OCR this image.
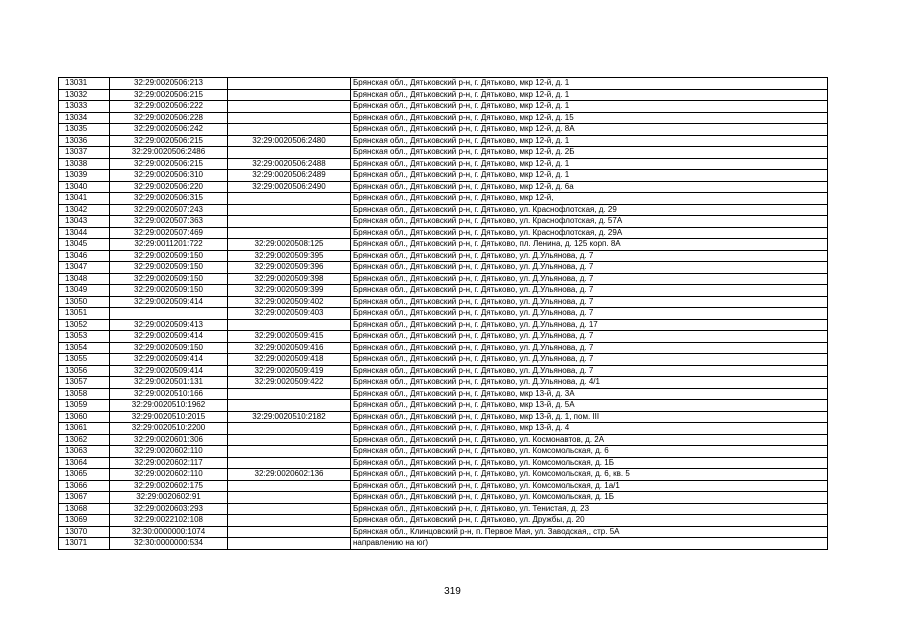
13031	32:29:0020506:213		Брянская обл., Дятьковский р-н, г. Дятьково, мкр 12-й, д. 1
13032	32:29:0020506:215		Брянская обл., Дятьковский р-н, г. Дятьково, мкр 12-й, д. 1
13033	32:29:0020506:222		Брянская обл., Дятьковский р-н, г. Дятьково, мкр 12-й, д. 1
13034	32:29:0020506:228		Брянская обл., Дятьковский р-н, г. Дятьково, мкр 12-й, д. 15
13035	32:29:0020506:242		Брянская обл., Дятьковский р-н, г. Дятьково, мкр 12-й, д. 8А
13036	32:29:0020506:215	32:29:0020506:2480	Брянская обл., Дятьковский р-н, г. Дятьково, мкр 12-й, д. 1
13037	32:29:0020506:2486		Брянская обл., Дятьковский р-н, г. Дятьково, мкр 12-й, д. 2Б
13038	32:29:0020506:215	32:29:0020506:2488	Брянская обл., Дятьковский р-н, г. Дятьково, мкр 12-й, д. 1
13039	32:29:0020506:310	32:29:0020506:2489	Брянская обл., Дятьковский р-н, г. Дятьково, мкр 12-й, д. 1
13040	32:29:0020506:220	32:29:0020506:2490	Брянская обл., Дятьковский р-н, г. Дятьково, мкр 12-й, д. 6а
13041	32:29:0020506:315		Брянская обл., Дятьковский р-н, г. Дятьково, мкр 12-й,
13042	32:29:0020507:243		Брянская обл., Дятьковский р-н, г. Дятьково, ул. Краснофлотская, д. 29
13043	32:29:0020507:363		Брянская обл., Дятьковский р-н, г. Дятьково, ул. Краснофлотская, д. 57А
13044	32:29:0020507:469		Брянская обл., Дятьковский р-н, г. Дятьково, ул. Краснофлотская, д. 29А
13045	32:29:0011201:722	32:29:0020508:125	Брянская обл., Дятьковский р-н, г. Дятьково, пл. Ленина, д. 125 корп. 8А
13046	32:29:0020509:150	32:29:0020509:395	Брянская обл., Дятьковский р-н, г. Дятьково, ул. Д.Ульянова, д. 7
13047	32:29:0020509:150	32:29:0020509:396	Брянская обл., Дятьковский р-н, г. Дятьково, ул. Д.Ульянова, д. 7
13048	32:29:0020509:150	32:29:0020509:398	Брянская обл., Дятьковский р-н, г. Дятьково, ул. Д.Ульянова, д. 7
13049	32:29:0020509:150	32:29:0020509:399	Брянская обл., Дятьковский р-н, г. Дятьково, ул. Д.Ульянова, д. 7
13050	32:29:0020509:414	32:29:0020509:402	Брянская обл., Дятьковский р-н, г. Дятьково, ул. Д.Ульянова, д. 7
13051		32:29:0020509:403	Брянская обл., Дятьковский р-н, г. Дятьково, ул. Д.Ульянова, д. 7
13052	32:29:0020509:413		Брянская обл., Дятьковский р-н, г. Дятьково, ул. Д.Ульянова, д. 17
13053	32:29:0020509:414	32:29:0020509:415	Брянская обл., Дятьковский р-н, г. Дятьково, ул. Д.Ульянова, д. 7
13054	32:29:0020509:150	32:29:0020509:416	Брянская обл., Дятьковский р-н, г. Дятьково, ул. Д.Ульянова, д. 7
13055	32:29:0020509:414	32:29:0020509:418	Брянская обл., Дятьковский р-н, г. Дятьково, ул. Д.Ульянова, д. 7
13056	32:29:0020509:414	32:29:0020509:419	Брянская обл., Дятьковский р-н, г. Дятьково, ул. Д.Ульянова, д. 7
13057	32:29:0020501:131	32:29:0020509:422	Брянская обл., Дятьковский р-н, г. Дятьково, ул. Д.Ульянова, д. 4/1
13058	32:29:0020510:166		Брянская обл., Дятьковский р-н, г. Дятьково, мкр 13-й, д. 3А
13059	32:29:0020510:1962		Брянская обл., Дятьковский р-н, г. Дятьково, мкр 13-й, д. 5А
13060	32:29:0020510:2015	32:29:0020510:2182	Брянская обл., Дятьковский р-н, г. Дятьково, мкр 13-й, д. 1, пом. III
13061	32:29:0020510:2200		Брянская обл., Дятьковский р-н, г. Дятьково, мкр 13-й, д. 4
13062	32:29:0020601:306		Брянская обл., Дятьковский р-н, г. Дятьково, ул. Космонавтов, д. 2А
13063	32:29:0020602:110		Брянская обл., Дятьковский р-н, г. Дятьково, ул. Комсомольская, д. 6
13064	32:29:0020602:117		Брянская обл., Дятьковский р-н, г. Дятьково, ул. Комсомольская, д. 1Б
13065	32:29:0020602:110	32:29:0020602:136	Брянская обл., Дятьковский р-н, г. Дятьково, ул. Комсомольская, д. 6, кв. 5
13066	32:29:0020602:175		Брянская обл., Дятьковский р-н, г. Дятьково, ул. Комсомольская, д. 1а/1
13067	32:29:0020602:91		Брянская обл., Дятьковский р-н, г. Дятьково, ул. Комсомольская, д. 1Б
13068	32:29:0020603:293		Брянская обл., Дятьковский р-н, г. Дятьково, ул. Тенистая, д. 23
13069	32:29:0022102:108		Брянская обл., Дятьковский р-н, г. Дятьково, ул. Дружбы, д. 20
13070	32:30:0000000:1074		Брянская обл., Клинцовский р-н, п. Первое Мая, ул. Заводская,, стр. 5А
13071	32:30:0000000:534		направлению на юг)
319
